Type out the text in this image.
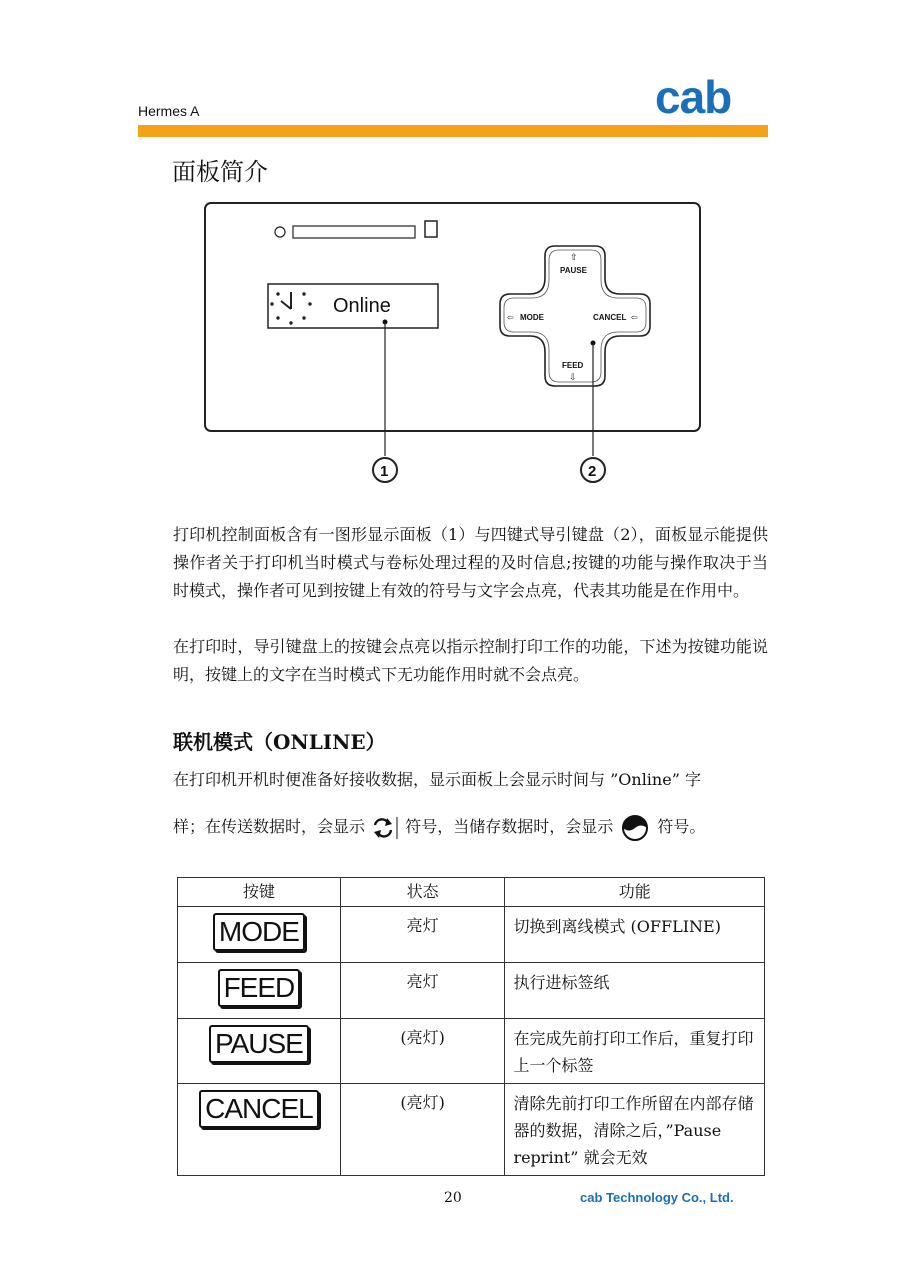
Hermes A	cab
面板简介
Online
⇧
PAUSE
⇦ MODE	CANCEL ⇦
FEED
⇩
1	2

打印机控制面板含有一图形显示面板（1）与四键式导引键盘（2），面板显示能提供操作者关于打印机当时模式与卷标处理过程的及时信息;按键的功能与操作取决于当时模式，操作者可见到按键上有效的符号与文字会点亮，代表其功能是在作用中。

在打印时，导引键盘上的按键会点亮以指示控制打印工作的功能，下述为按键功能说明，按键上的文字在当时模式下无功能作用时就不会点亮。

联机模式（ONLINE）

在打印机开机时便准备好接收数据，显示面板上会显示时间与 ”Online” 字

样；在传送数据时，会显示	符号，当储存数据时，会显示	符号。

按键	状态	功能
MODE	亮灯	切换到离线模式 (OFFLINE)
FEED	亮灯	执行进标签纸
PAUSE	(亮灯)	在完成先前打印工作后，重复打印上一个标签
CANCEL	(亮灯)	清除先前打印工作所留在内部存储器的数据，清除之后，”Pause reprint” 就会无效
20	cab Technology Co., Ltd.
